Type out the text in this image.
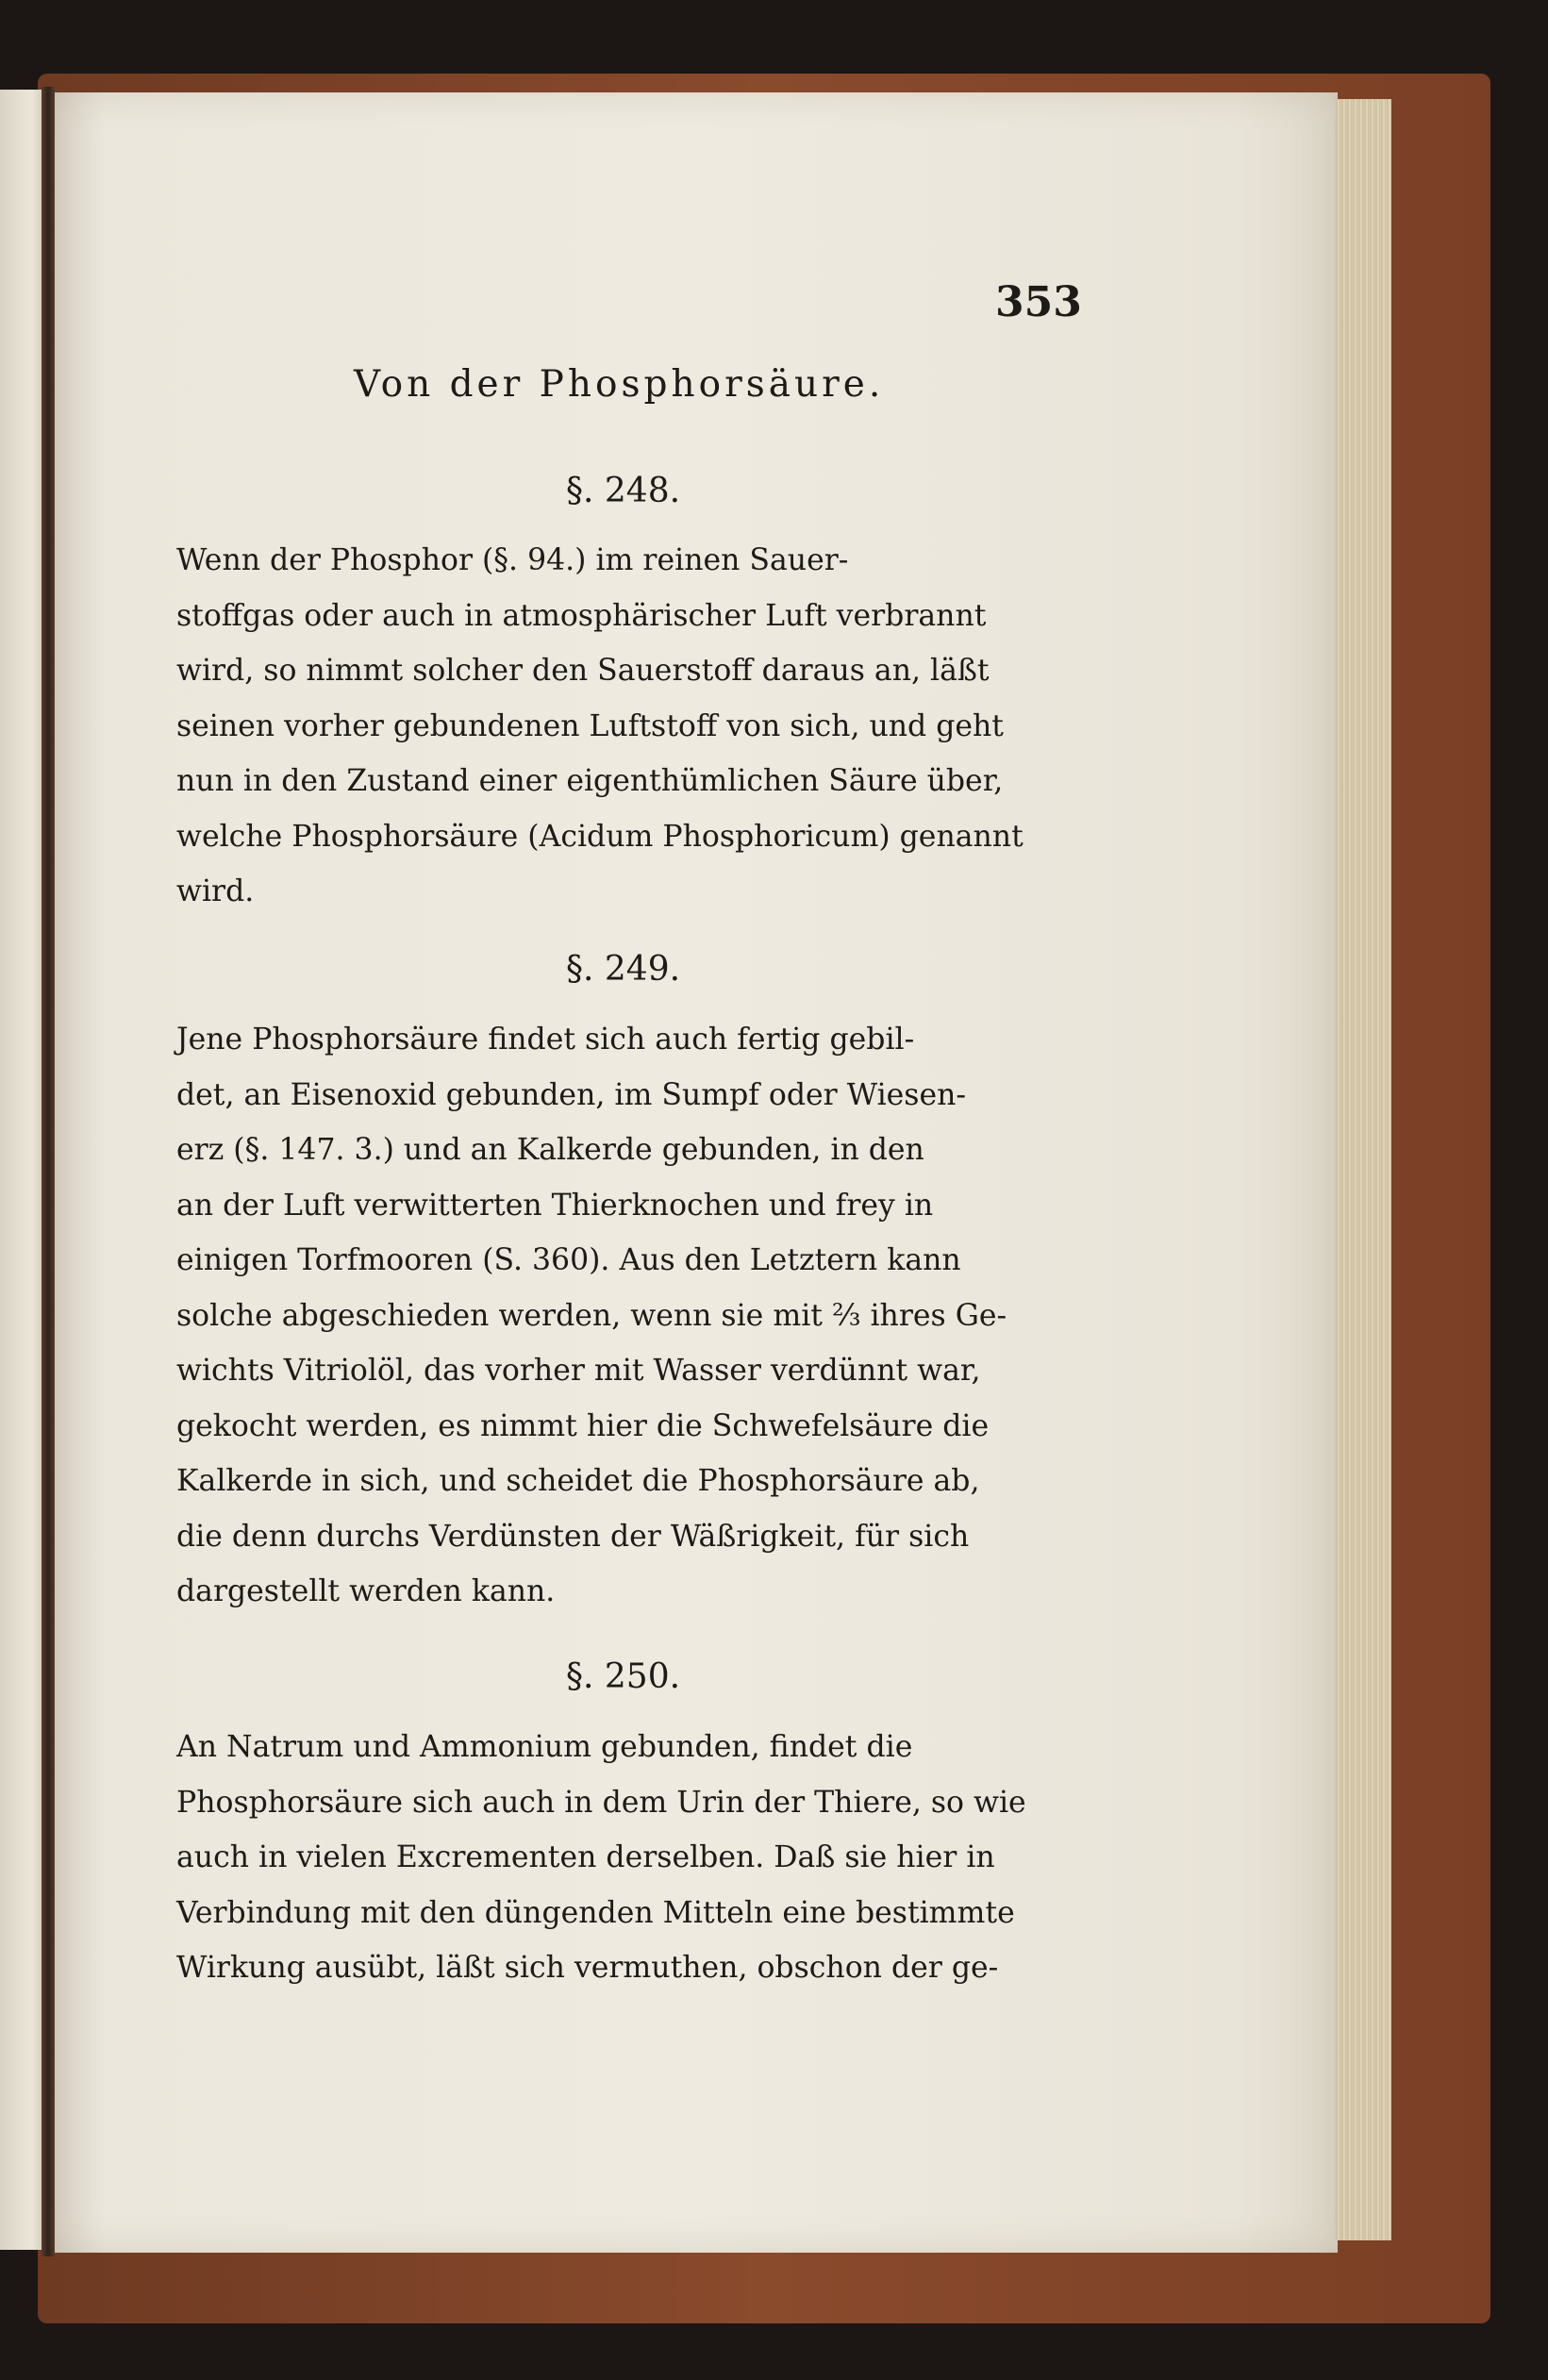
353
Von der Phosphorsäure.
§. 248.

Wenn der Phosphor (§. 94.) im reinen Sauer-
stoffgas oder auch in atmosphärischer Luft verbrannt
wird, so nimmt solcher den Sauerstoff daraus an, läßt
seinen vorher gebundenen Luftstoff von sich, und geht
nun in den Zustand einer eigenthümlichen Säure über,
welche Phosphorsäure (Acidum Phosphoricum) genannt
wird.

§. 249.

Jene Phosphorsäure findet sich auch fertig gebil-
det, an Eisenoxid gebunden, im Sumpf oder Wiesen-
erz (§. 147. 3.) und an Kalkerde gebunden, in den
an der Luft verwitterten Thierknochen und frey in
einigen Torfmooren (S. 360). Aus den Letztern kann
solche abgeschieden werden, wenn sie mit ⅔ ihres Ge-
wichts Vitriolöl, das vorher mit Wasser verdünnt war,
gekocht werden, es nimmt hier die Schwefelsäure die
Kalkerde in sich, und scheidet die Phosphorsäure ab,
die denn durchs Verdünsten der Wäßrigkeit, für sich
dargestellt werden kann.

§. 250.

An Natrum und Ammonium gebunden, findet die
Phosphorsäure sich auch in dem Urin der Thiere, so wie
auch in vielen Excrementen derselben. Daß sie hier in
Verbindung mit den düngenden Mitteln eine bestimmte
Wirkung ausübt, läßt sich vermuthen, obschon der ge-
